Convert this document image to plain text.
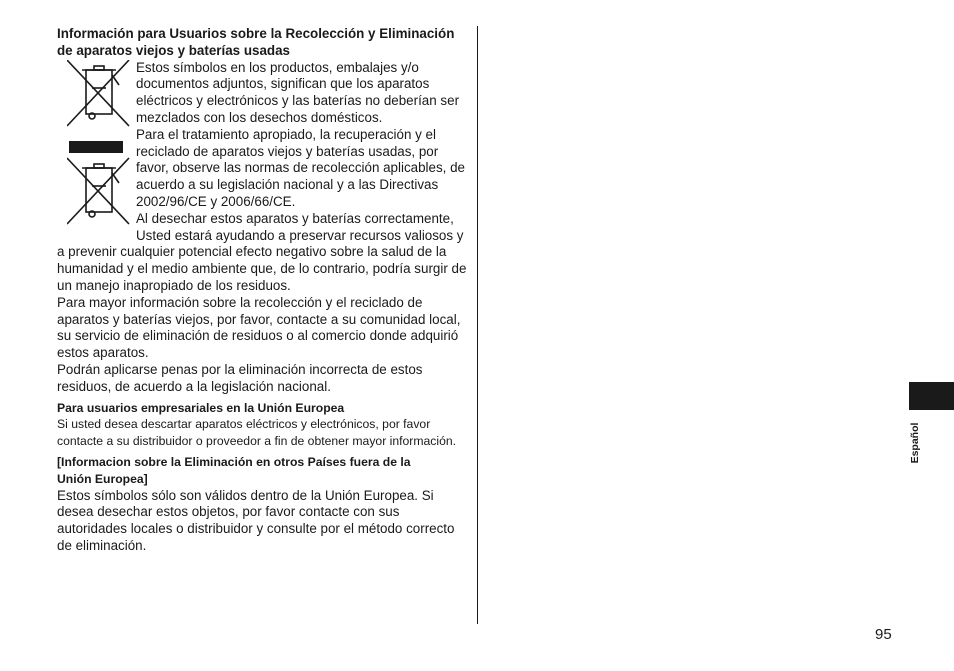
Información para Usuarios sobre la Recolección y Eliminación

de aparatos viejos y baterías usadas

Estos símbolos en los productos, embalajes y/o

documentos adjuntos, significan que los aparatos

eléctricos y electrónicos y las baterías no deberían ser

mezclados con los desechos domésticos.

Para el tratamiento apropiado, la recuperación y el

reciclado de aparatos viejos y baterías usadas, por

favor, observe las normas de recolección aplicables, de

acuerdo a su legislación nacional y a las Directivas

2002/96/CE y 2006/66/CE.

Al desechar estos aparatos y baterías correctamente,

Usted estará ayudando a preservar recursos valiosos y

a prevenir cualquier potencial efecto negativo sobre la salud de la

humanidad y el medio ambiente que, de lo contrario, podría surgir de

un manejo inapropiado de los residuos.

Para mayor información sobre la recolección y el reciclado de

aparatos y baterías viejos, por favor, contacte a su comunidad local,

su servicio de eliminación de residuos o al comercio donde adquirió

estos aparatos.

Podrán aplicarse penas por la eliminación incorrecta de estos

residuos, de acuerdo a la legislación nacional.

Para usuarios empresariales en la Unión Europea

Si usted desea descartar aparatos eléctricos y electrónicos, por favor

contacte a su distribuidor o proveedor a fin de obtener mayor información.

[Informacion sobre la Eliminación en otros Países fuera de la

Unión Europea]

Estos símbolos sólo son válidos dentro de la Unión Europea. Si

desea desechar estos objetos, por favor contacte con sus

autoridades locales o distribuidor y consulte por el método correcto

de eliminación.

Español
95
